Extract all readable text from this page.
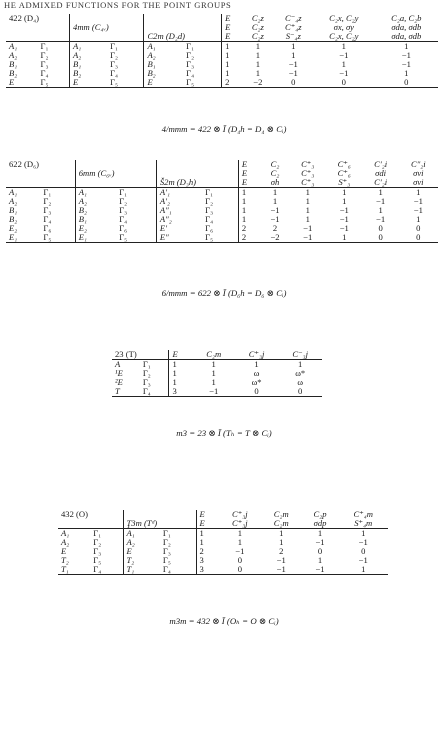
HE ADMIXED FUNCTIONS FOR THE POINT GROUPS
422 (D₄)						E	C₂z	C⁻₄z	C₂x, C₂y	C₂a, C₂b
		4mm (C₄ᵥ)				E	C₂z	C⁺₄z	σx, σy	σda, σdb
				С2m (D₂d)		E	C₂z	S⁻₄z	C₂x, C₂y	σda, σdb
A₁	Γ₁	A₁	Γ₁	A₁	Γ₁	1	1	1	1	1
A₂	Γ₂	A₂	Γ₂	A₂	Γ₂	1	1	1	−1	−1
B₁	Γ₃	B₁	Γ₃	B₁	Γ₃	1	1	−1	1	−1
B₂	Γ₄	B₂	Γ₄	B₂	Γ₄	1	1	−1	−1	1
E	Γ₅	E	Γ₅	E	Γ₅	2	−2	0	0	0
4/mmm = 422 ⊗ Ī (D₄h = D₄ ⊗ Cᵢ)
622 (D₆)						E	C₂	C⁺₃	C⁺₆	C′₂i	C″₂i
		6mm (C₆ᵥ)				E	C₂	C⁺₃	C⁺₆	σdi	σvi
				Š2m (D₃h)		E	σh	C⁺₃	S⁺₃	C′₂i	σvi
A₁	Γ₁	A₁	Γ₁	A′₁	Γ₁	1	1	1	1	1	1
A₂	Γ₂	A₂	Γ₂	A′₂	Γ₂	1	1	1	1	−1	−1
B₁	Γ₃	B₂	Γ₃	A″₁	Γ₃	1	−1	1	−1	1	−1
B₂	Γ₄	B₁	Γ₄	A″₂	Γ₄	1	−1	1	−1	−1	1
E₂	Γ₆	E₂	Γ₆	E′	Γ₆	2	2	−1	−1	0	0
E₁	Γ₅	E₁	Γ₅	E″	Γ₅	2	−2	−1	1	0	0
6/mmm = 622 ⊗ Ī (D₆h = D₆ ⊗ Cᵢ)
23 (T)		E	C₂m	C⁺₃j	C⁻₃j
A	Γ₁	1	1	1	1
¹E	Γ₂	1	1	ω	ω*
²E	Γ₃	1	1	ω*	ω
T	Γ₄	3	−1	0	0
m3 = 23 ⊗ Ī (Tₕ = T ⊗ Cᵢ)
432 (O)				E	C⁺₃j	C₂m	C₂p	C⁺₄m
		Ţ3m (Tᵈ)		E	C⁺₃j	C₂m	σdp	S⁺₄m
A₁	Γ₁	A₁	Γ₁	1	1	1	1	1
A₂	Γ₂	A₂	Γ₂	1	1	1	−1	−1
E	Γ₃	E	Γ₃	2	−1	2	0	0
T₂	Γ₅	T₂	Γ₅	3	0	−1	1	−1
T₁	Γ₄	T₁	Γ₄	3	0	−1	−1	1
m3m = 432 ⊗ Ī (Oₕ = O ⊗ Cᵢ)
